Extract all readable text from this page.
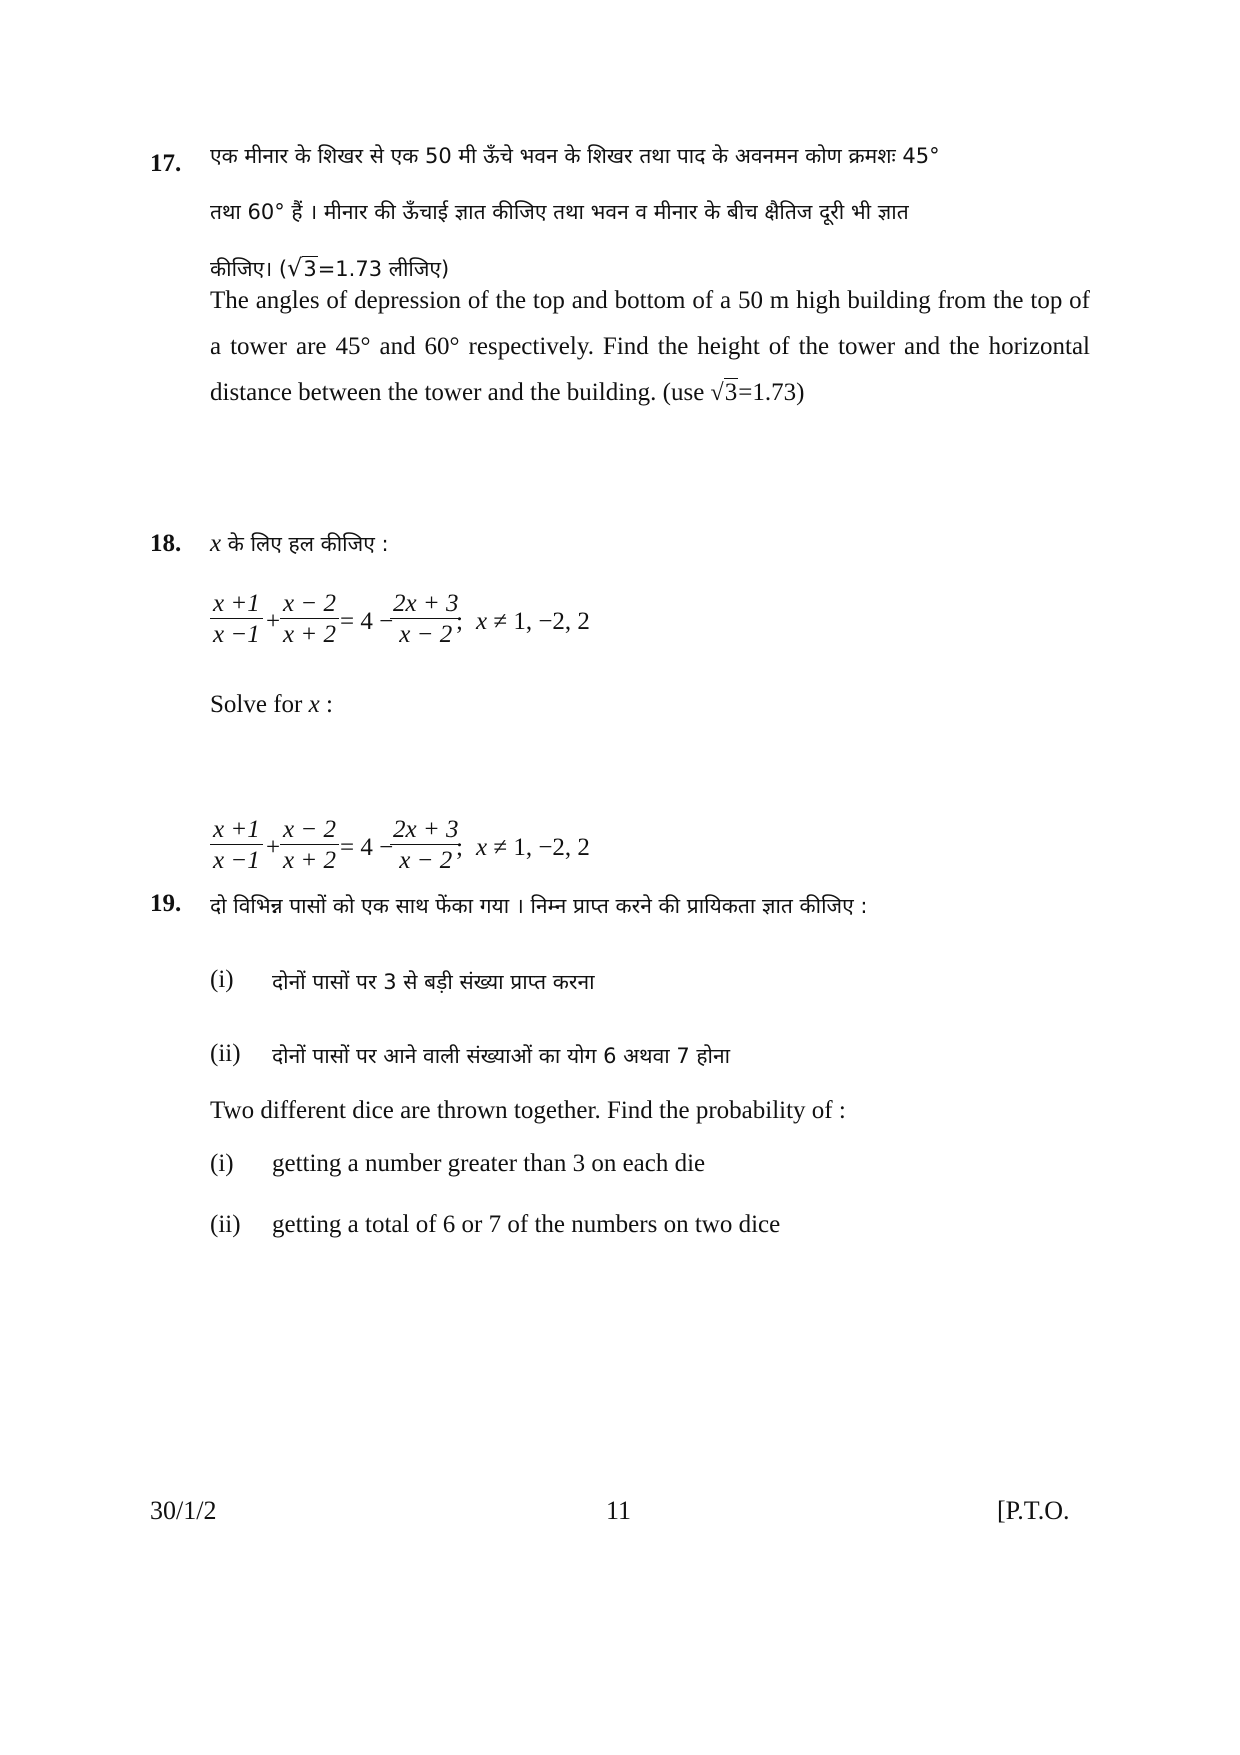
17. एक मीनार के शिखर से एक 50 मी ऊँचे भवन के शिखर तथा पाद के अवनमन कोण क्रमशः 45°
तथा 60° हैं । मीनार की ऊँचाई ज्ञात कीजिए तथा भवन व मीनार के बीच क्षैतिज दूरी भी ज्ञात
कीजिए। (√3=1.73 लीजिए)
The angles of depression of the top and bottom of a 50 m high building from the top of a tower are 45° and 60° respectively. Find the height of the tower and the horizontal distance between the tower and the building. (use √3=1.73)
18. x के लिए हल कीजिए :
$\frac{x +1}{x -1} + \frac{x - 2}{x + 2} = 4$ −
$\frac{2x + 3}{x - 2}$
; x ≠ 1, −2, 2
Solve for x :
$\frac{x +1}{x -1} + \frac{x - 2}{x + 2} = 4$ −
$\frac{2x + 3}{x - 2}$
; x ≠ 1, −2, 2
19. दो विभिन्न पासों को एक साथ फेंका गया । निम्न प्राप्त करने की प्रायिकता ज्ञात कीजिए :
(i) दोनों पासों पर 3 से बड़ी संख्या प्राप्त करना
(ii) दोनों पासों पर आने वाली संख्याओं का योग 6 अथवा 7 होना
Two different dice are thrown together. Find the probability of :
(i) getting a number greater than 3 on each die
(ii) getting a total of 6 or 7 of the numbers on two dice
30/1/2	11	[P.T.O.
